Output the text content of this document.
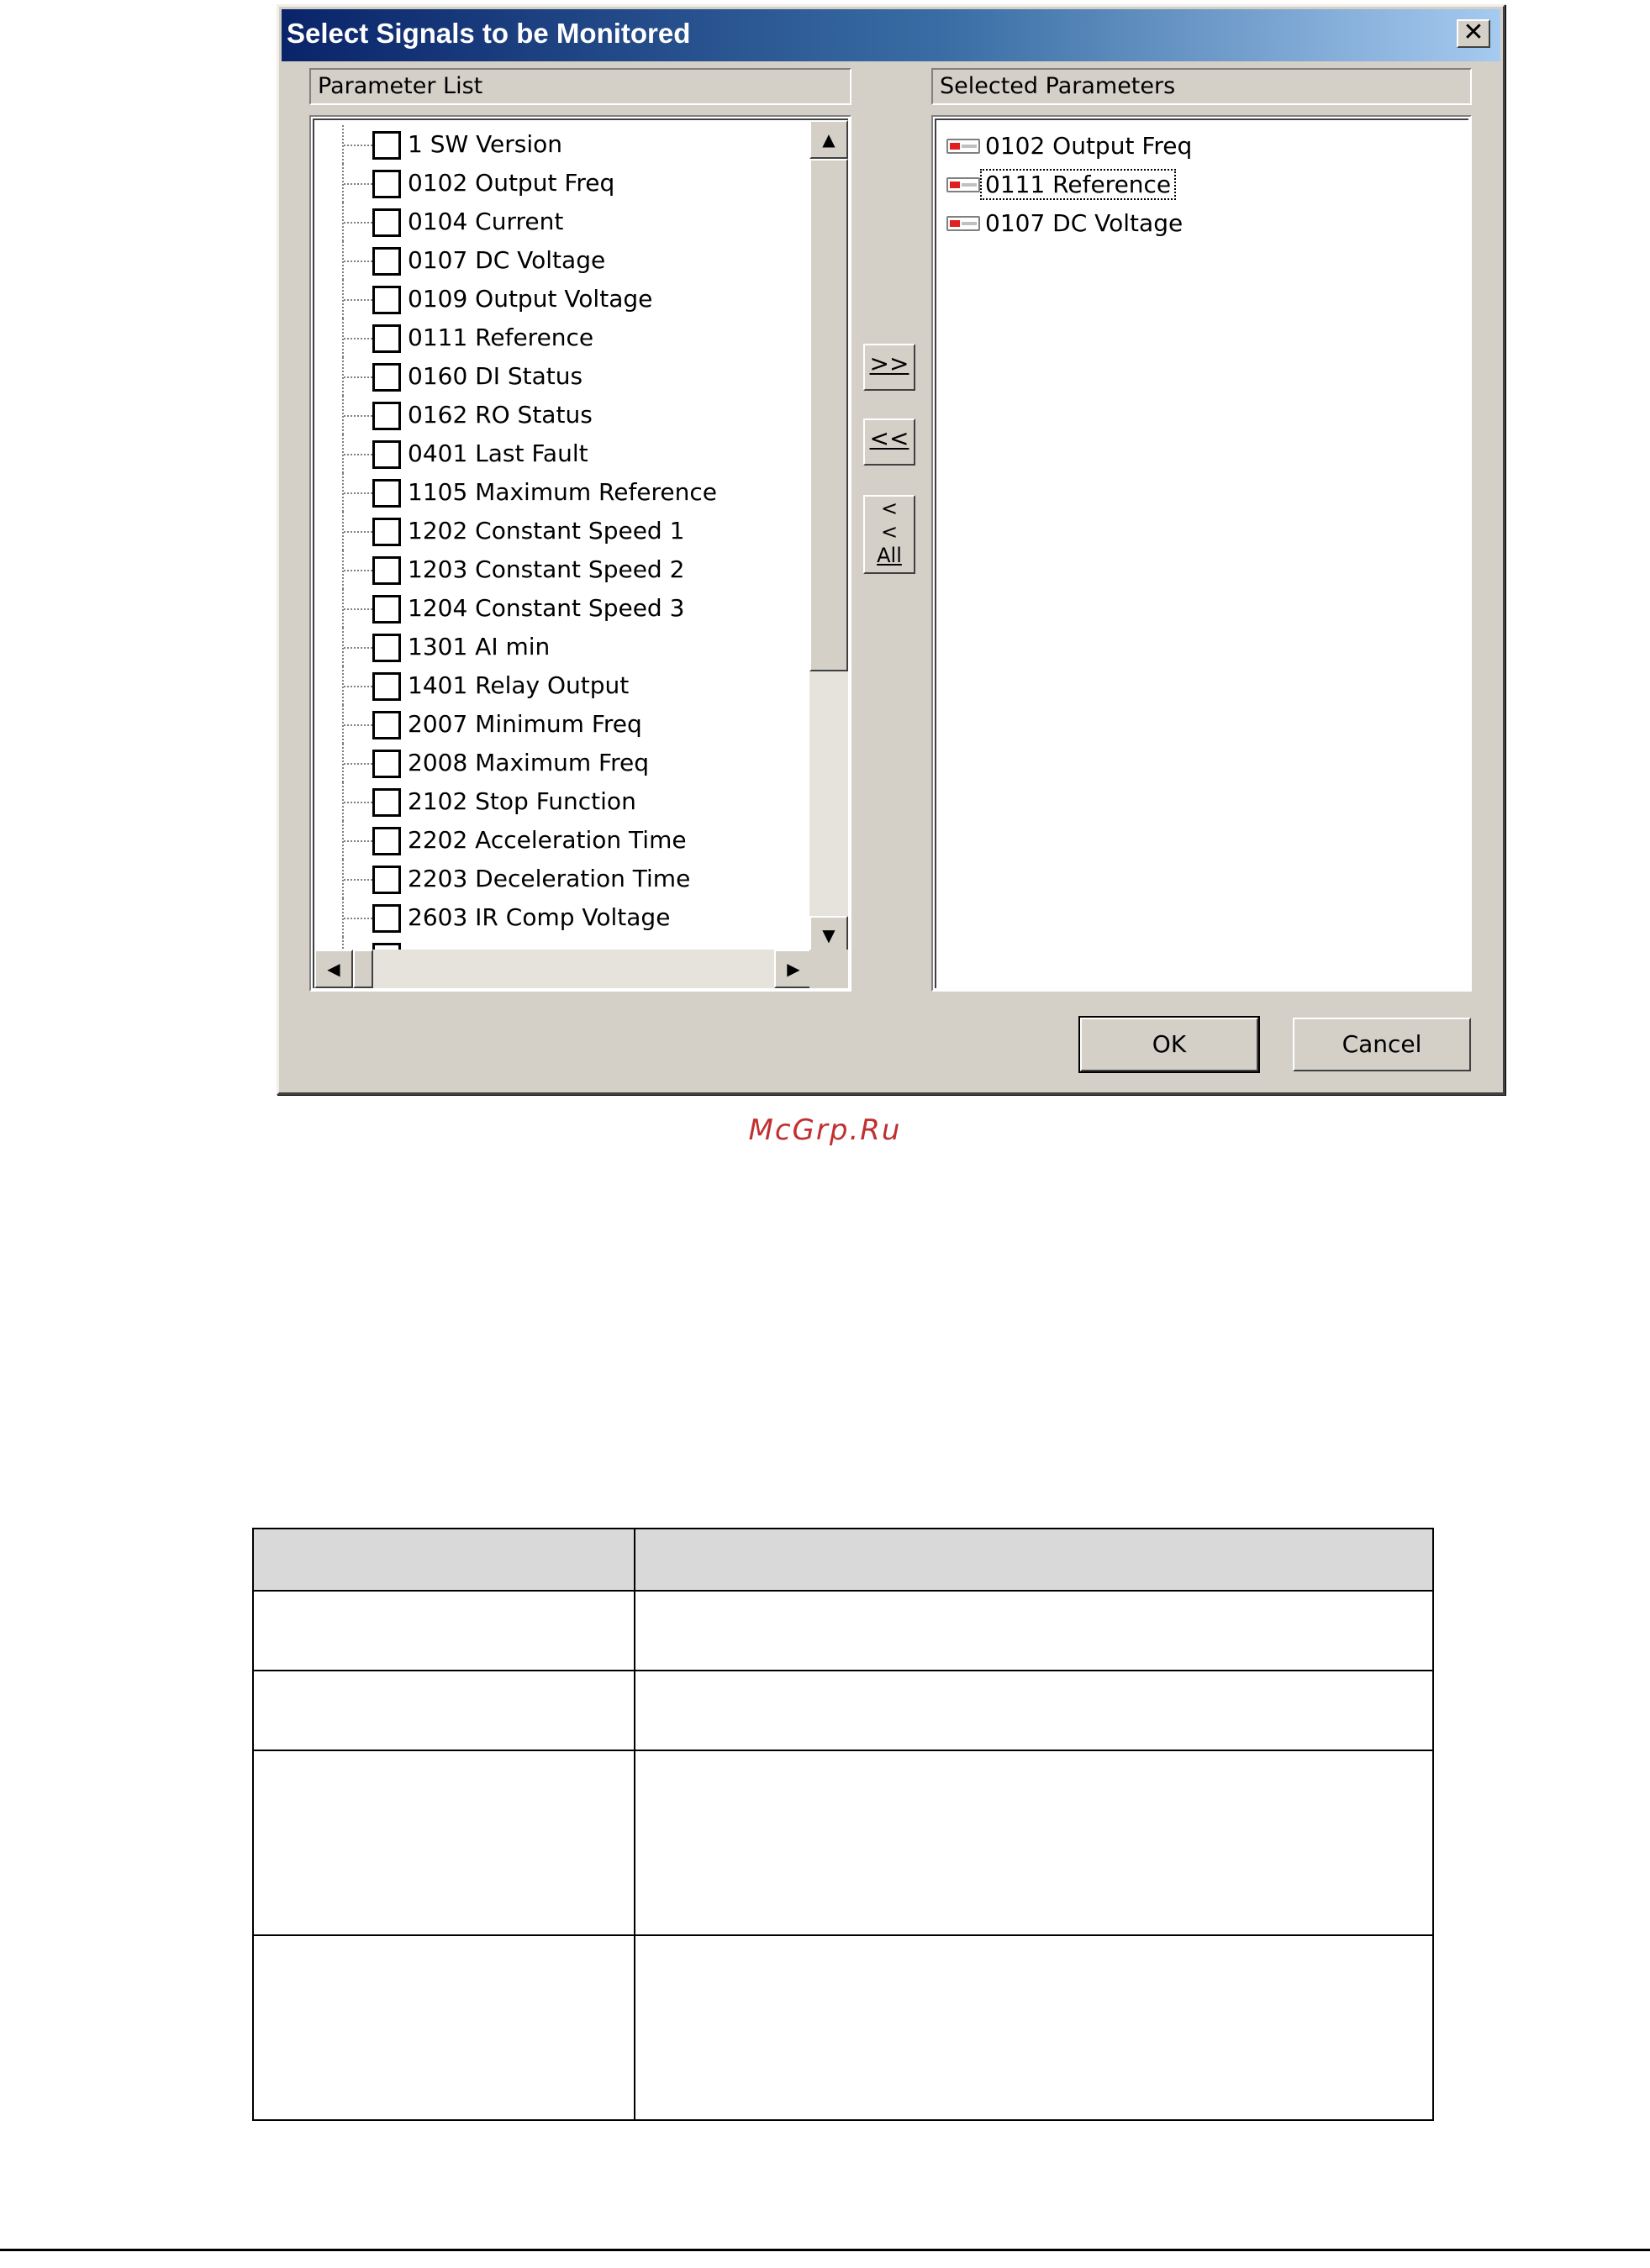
Select Signals to be Monitored	✕
Parameter List
1 SW Version
0102 Output Freq
0104 Current
0107 DC Voltage
0109 Output Voltage
0111 Reference
0160 DI Status
0162 RO Status
0401 Last Fault
1105 Maximum Reference
1202 Constant Speed 1
1203 Constant Speed 2
1204 Constant Speed 3
1301 AI min
1401 Relay Output
2007 Minimum Freq
2008 Maximum Freq
2102 Stop Function
2202 Acceleration Time
2203 Deceleration Time
2603 IR Comp Voltage
▲
▼
◀	▶
>>
<<
<
<
All
Selected Parameters
0102 Output Freq
0111 Reference
0107 DC Voltage
OK	Cancel
McGrp.Ru
